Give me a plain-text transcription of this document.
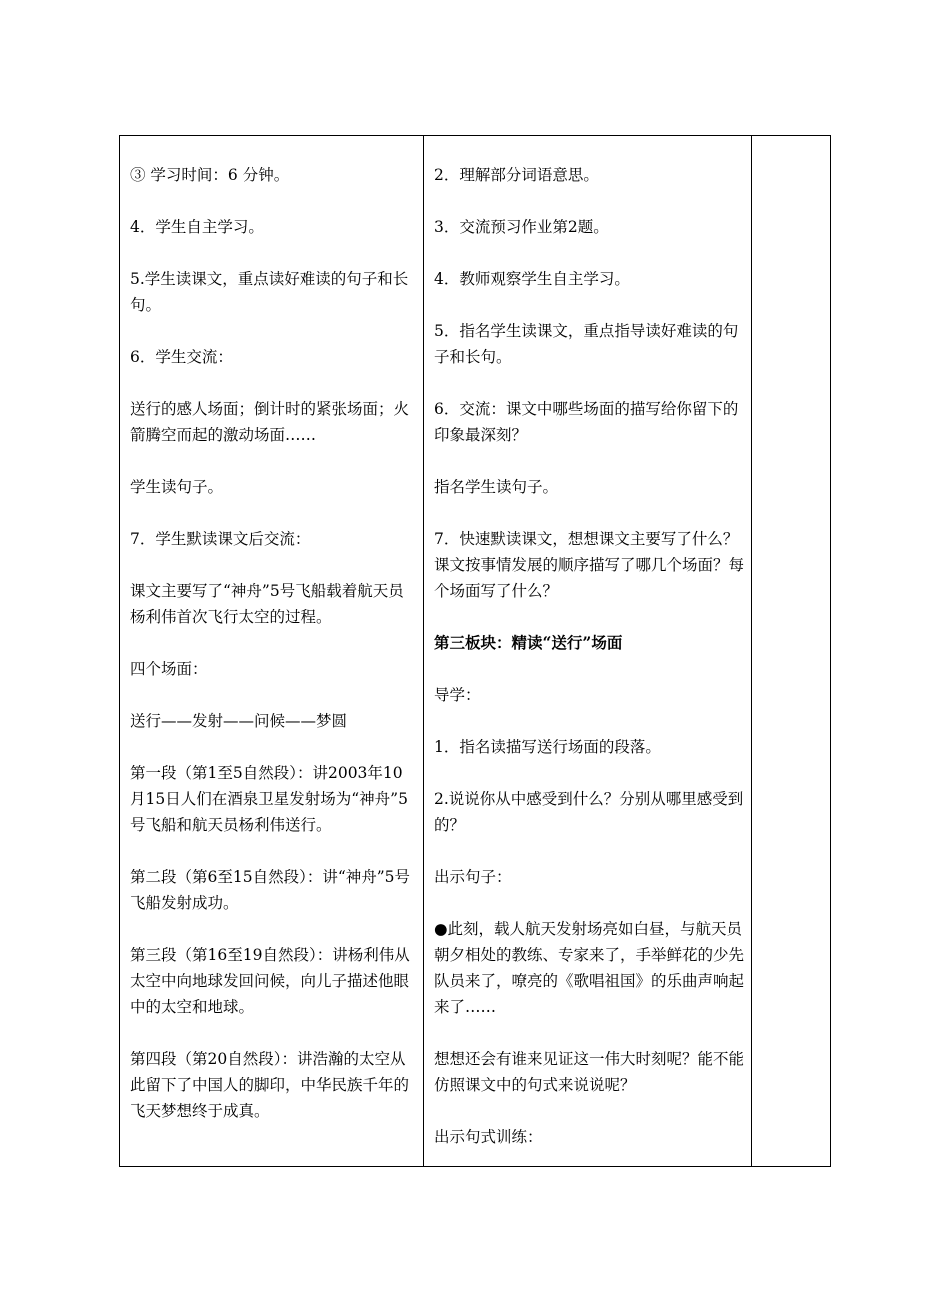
③ 学习时间：6 分钟。

4．学生自主学习。

5.学生读课文，重点读好难读的句子和长句。

6．学生交流：

送行的感人场面；倒计时的紧张场面；火箭腾空而起的激动场面……

学生读句子。

7．学生默读课文后交流：

课文主要写了“神舟”5号飞船载着航天员杨利伟首次飞行太空的过程。

四个场面：

送行——发射——问候——梦圆

第一段（第1至5自然段）：讲2003年10月15日人们在酒泉卫星发射场为“神舟”5号飞船和航天员杨利伟送行。

第二段（第6至15自然段）：讲“神舟”5号飞船发射成功。

第三段（第16至19自然段）：讲杨利伟从太空中向地球发回问候，向儿子描述他眼中的太空和地球。

第四段（第20自然段）：讲浩瀚的太空从此留下了中国人的脚印，中华民族千年的飞天梦想终于成真。

2．理解部分词语意思。

3．交流预习作业第2题。

4．教师观察学生自主学习。

5．指名学生读课文，重点指导读好难读的句子和长句。

6．交流：课文中哪些场面的描写给你留下的印象最深刻？

指名学生读句子。

7．快速默读课文，想想课文主要写了什么？课文按事情发展的顺序描写了哪几个场面？每个场面写了什么？

第三板块：精读“送行”场面

导学：

1．指名读描写送行场面的段落。

2.说说你从中感受到什么？分别从哪里感受到的？

出示句子：

●此刻，载人航天发射场亮如白昼，与航天员朝夕相处的教练、专家来了，手举鲜花的少先队员来了，嘹亮的《歌唱祖国》的乐曲声响起来了……

想想还会有谁来见证这一伟大时刻呢？能不能仿照课文中的句式来说说呢？

出示句式训练：
